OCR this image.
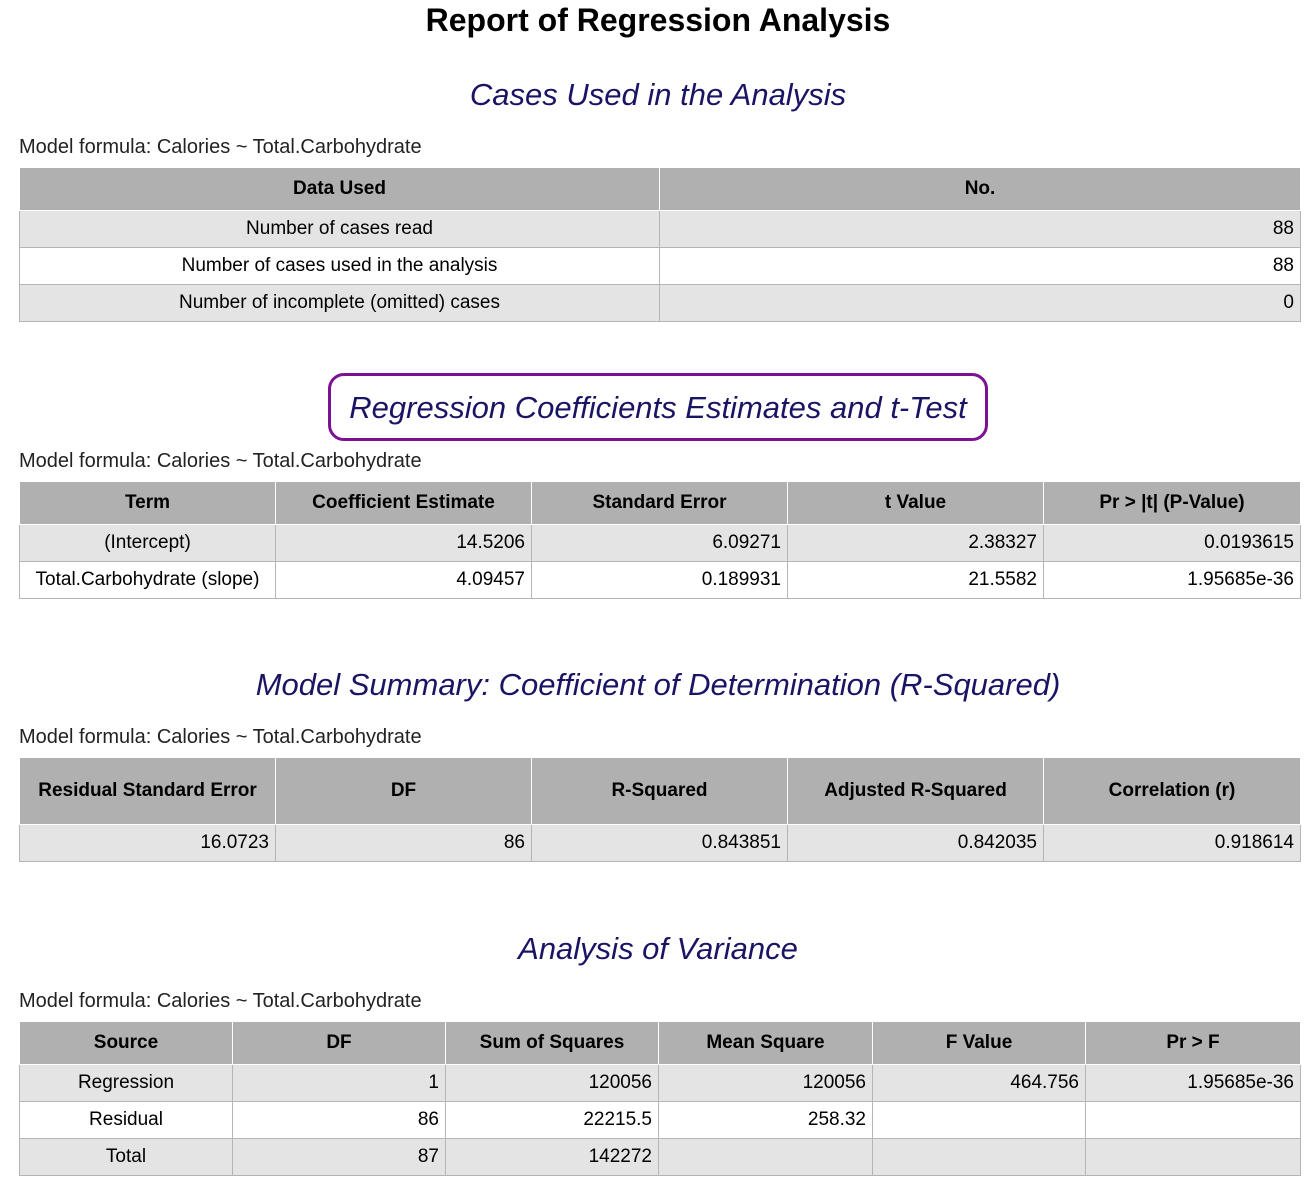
Report of Regression Analysis
Cases Used in the Analysis
Model formula: Calories ~ Total.Carbohydrate
Data Used	No.
Number of cases read	88
Number of cases used in the analysis	88
Number of incomplete (omitted) cases	0
Regression Coefficients Estimates and t-Test
Model formula: Calories ~ Total.Carbohydrate
Term	Coefficient Estimate	Standard Error	t Value	Pr > |t| (P-Value)
(Intercept)	14.5206	6.09271	2.38327	0.0193615
Total.Carbohydrate (slope)	4.09457	0.189931	21.5582	1.95685e-36
Model Summary: Coefficient of Determination (R-Squared)
Model formula: Calories ~ Total.Carbohydrate
Residual Standard Error	DF	R-Squared	Adjusted R-Squared	Correlation (r)
16.0723	86	0.843851	0.842035	0.918614
Analysis of Variance
Model formula: Calories ~ Total.Carbohydrate
Source	DF	Sum of Squares	Mean Square	F Value	Pr > F
Regression	1	120056	120056	464.756	1.95685e-36
Residual	86	22215.5	258.32		
Total	87	142272			
